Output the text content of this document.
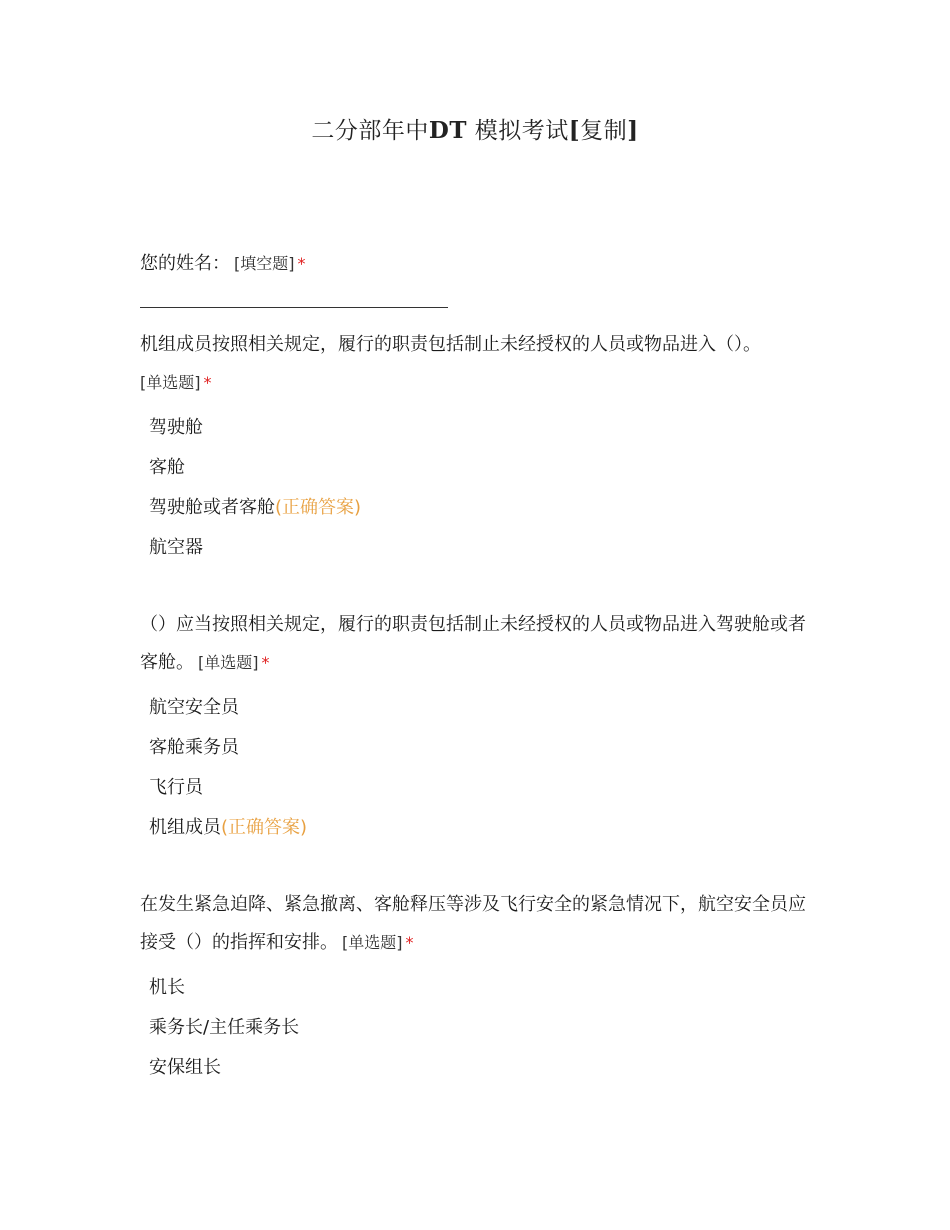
二分部年中DT 模拟考试[复制]
您的姓名： [填空题] *
机组成员按照相关规定，履行的职责包括制止未经授权的人员或物品进入（）。
[单选题] *
驾驶舱
客舱
驾驶舱或者客舱(正确答案)
航空器
（）应当按照相关规定，履行的职责包括制止未经授权的人员或物品进入驾驶舱或者客舱。 [单选题] *
航空安全员
客舱乘务员
飞行员
机组成员(正确答案)
在发生紧急迫降、紧急撤离、客舱释压等涉及飞行安全的紧急情况下，航空安全员应接受（）的指挥和安排。 [单选题] *
机长
乘务长/主任乘务长
安保组长
